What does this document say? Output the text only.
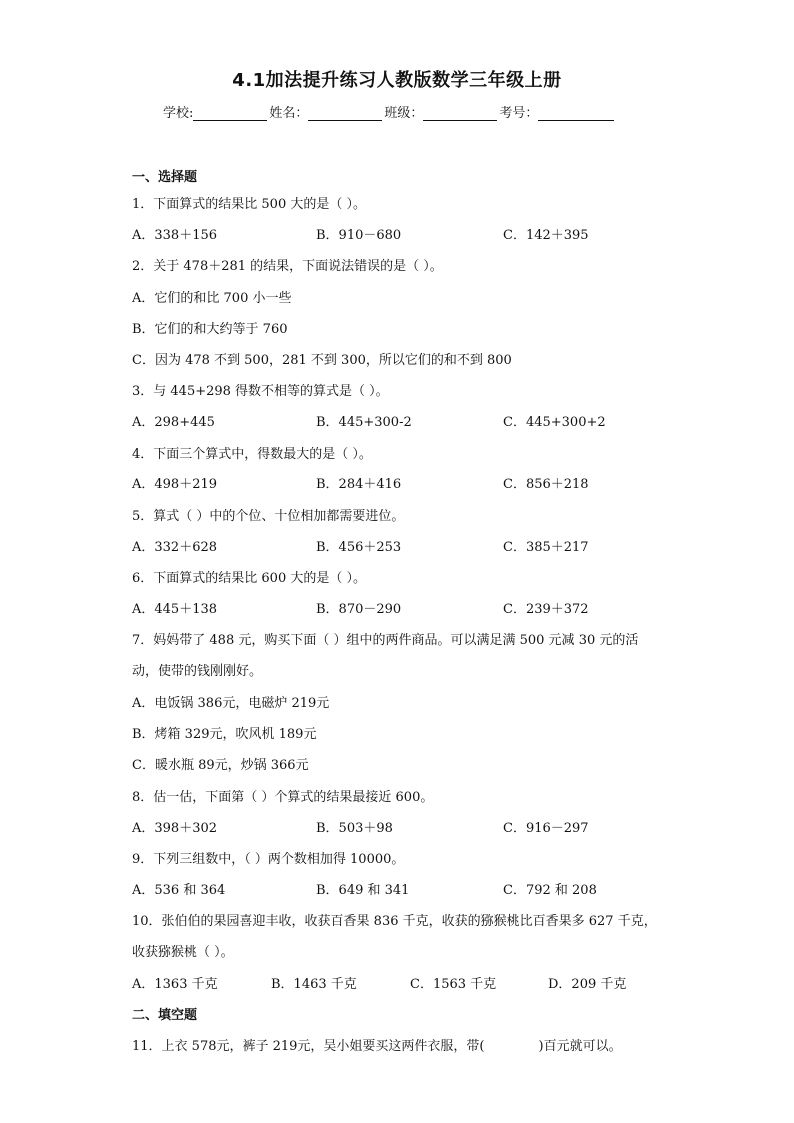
4.1加法提升练习人教版数学三年级上册
学校:	姓名：	班级：	考号：
一、选择题
1．下面算式的结果比 500 大的是（ ）。
A．338＋156	B．910－680	C．142＋395
2．关于 478＋281 的结果，下面说法错误的是（ ）。
A．它们的和比 700 小一些
B．它们的和大约等于 760
C．因为 478 不到 500，281 不到 300，所以它们的和不到 800
3．与 445+298 得数不相等的算式是（ ）。
A．298+445	B．445+300-2	C．445+300+2
4．下面三个算式中，得数最大的是（ ）。
A．498＋219	B．284＋416	C．856＋218
5．算式（ ）中的个位、十位相加都需要进位。
A．332＋628	B．456＋253	C．385＋217
6．下面算式的结果比 600 大的是（ ）。
A．445＋138	B．870－290	C．239＋372
7．妈妈带了 488 元，购买下面（ ）组中的两件商品。可以满足满 500 元减 30 元的活
动，使带的钱刚刚好。
A．电饭锅 386元，电磁炉 219元
B．烤箱 329元，吹风机 189元
C．暖水瓶 89元，炒锅 366元
8．估一估，下面第（ ）个算式的结果最接近 600。
A．398＋302	B．503＋98	C．916－297
9．下列三组数中，（ ）两个数相加得 10000。
A．536 和 364	B．649 和 341	C．792 和 208
10．张伯伯的果园喜迎丰收，收获百香果 836 千克，收获的猕猴桃比百香果多 627 千克，
收获猕猴桃（ ）。
A．1363 千克	B．1463 千克	C．1563 千克	D．209 千克
二、填空题
11．上衣 578元，裤子 219元，吴小姐要买这两件衣服，带(	)百元就可以。
